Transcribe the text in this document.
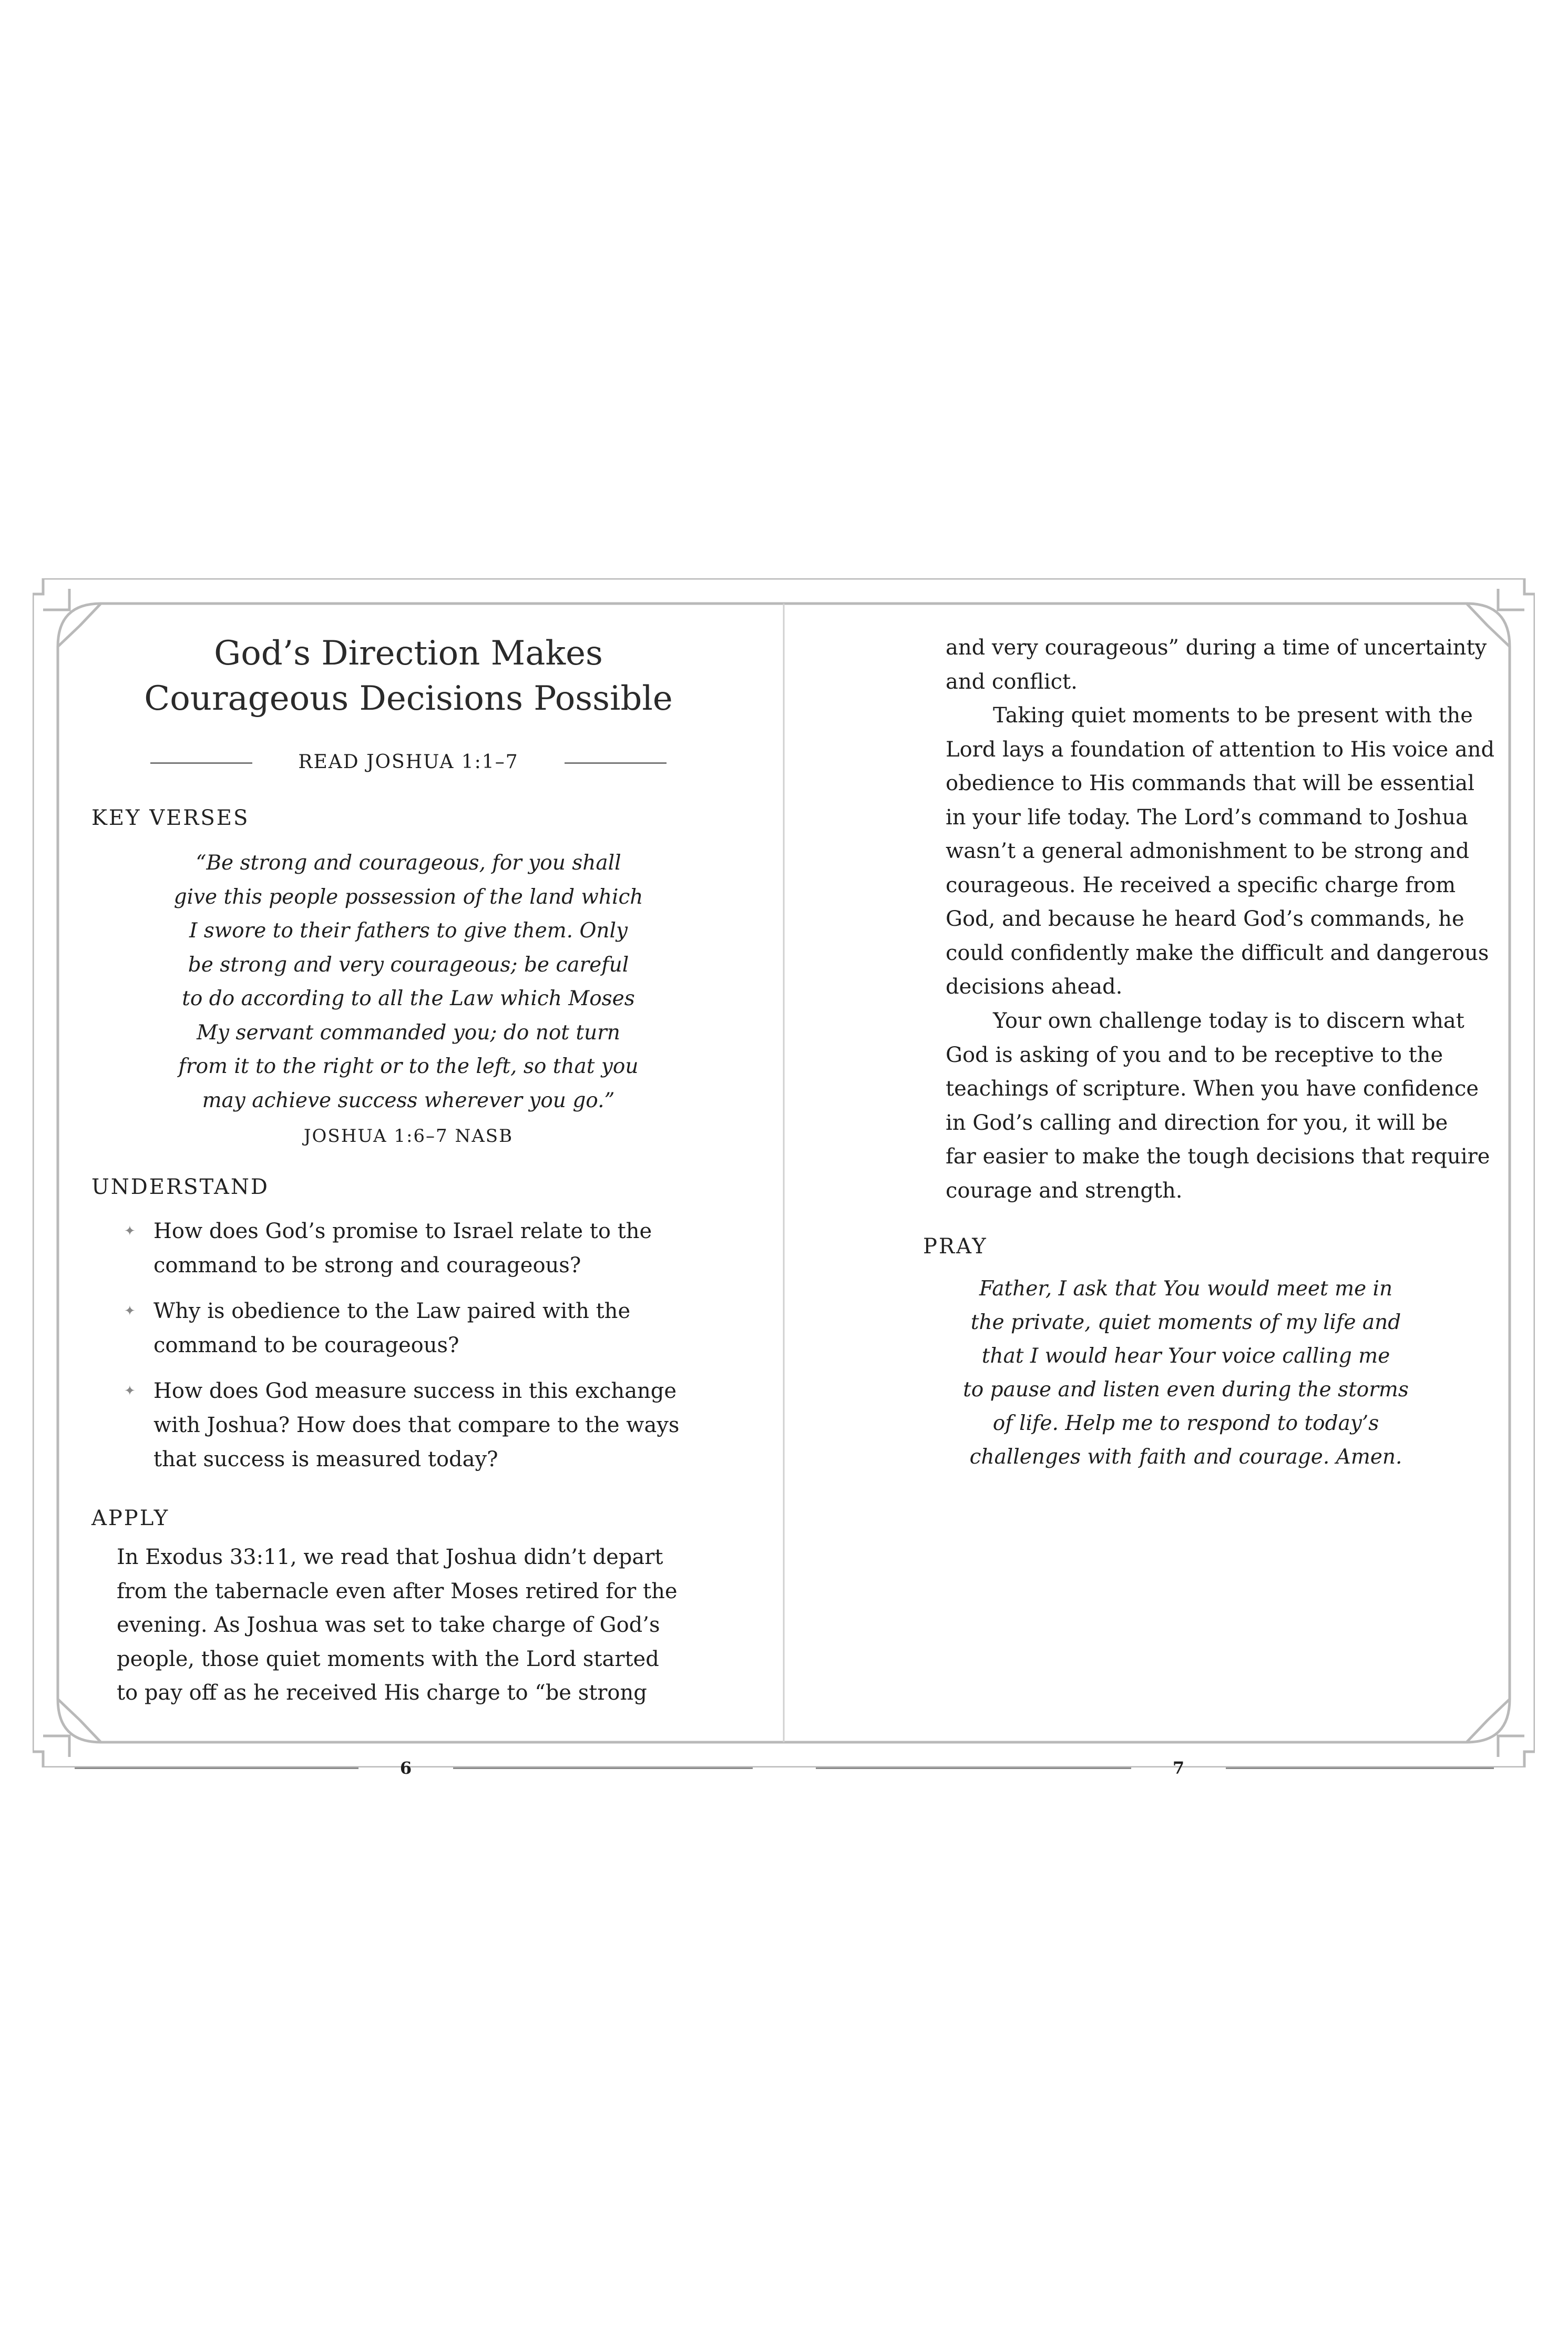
God’s Direction Makes
Courageous Decisions Possible
READ JOSHUA 1:1–7
KEY VERSES
“Be strong and courageous, for you shall
give this people possession of the land which
I swore to their fathers to give them. Only
be strong and very courageous; be careful
to do according to all the Law which Moses
My servant commanded you; do not turn
from it to the right or to the left, so that you
may achieve success wherever you go.”
JOSHUA 1:6–7 NASB
UNDERSTAND
✦ How does God’s promise to Israel relate to the
command to be strong and courageous?
✦ Why is obedience to the Law paired with the
command to be courageous?
✦ How does God measure success in this exchange
with Joshua? How does that compare to the ways
that success is measured today?
APPLY
In Exodus 33:11, we read that Joshua didn’t depart
from the tabernacle even after Moses retired for the
evening. As Joshua was set to take charge of God’s
people, those quiet moments with the Lord started
to pay off as he received His charge to “be strong
and very courageous” during a time of uncertainty
and conflict.
Taking quiet moments to be present with the
Lord lays a foundation of attention to His voice and
obedience to His commands that will be essential
in your life today. The Lord’s command to Joshua
wasn’t a general admonishment to be strong and
courageous. He received a specific charge from
God, and because he heard God’s commands, he
could confidently make the difficult and dangerous
decisions ahead.
Your own challenge today is to discern what
God is asking of you and to be receptive to the
teachings of scripture. When you have confidence
in God’s calling and direction for you, it will be
far easier to make the tough decisions that require
courage and strength.
PRAY
Father, I ask that You would meet me in
the private, quiet moments of my life and
that I would hear Your voice calling me
to pause and listen even during the storms
of life. Help me to respond to today’s
challenges with faith and courage. Amen.
6	7
